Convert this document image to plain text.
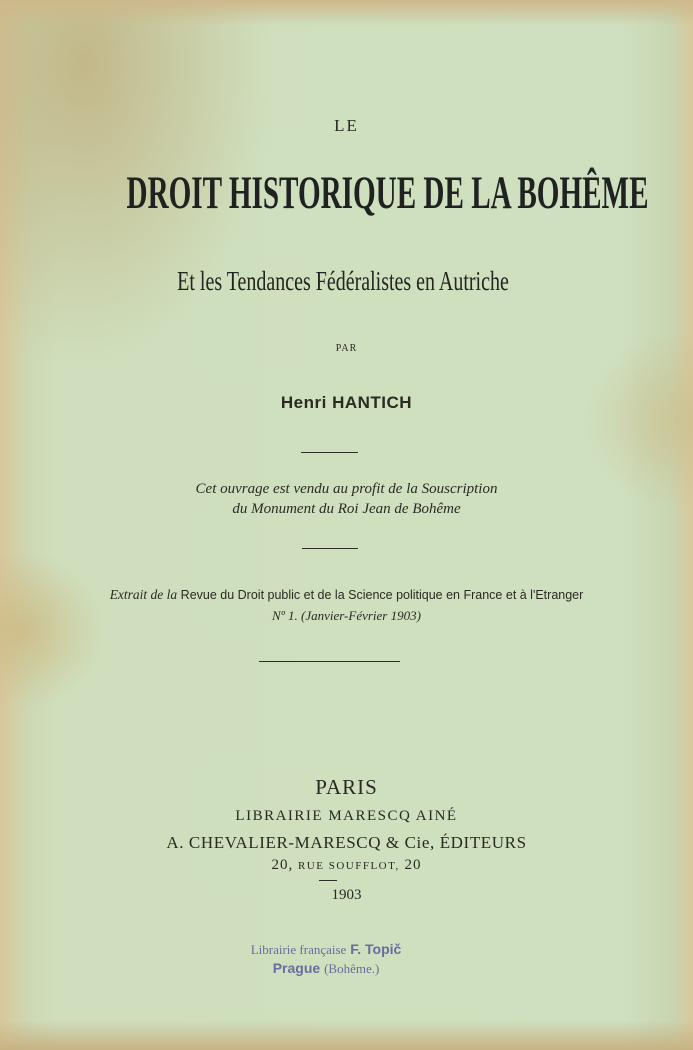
LE
DROIT HISTORIQUE DE LA BOHÊME
Et les Tendances Fédéralistes en Autriche
PAR
Henri HANTICH
Cet ouvrage est vendu au profit de la Souscription
du Monument du Roi Jean de Bohême
Extrait de la Revue du Droit public et de la Science politique en France et à l'Etranger
Nº 1. (Janvier-Février 1903)
PARIS
LIBRAIRIE MARESCQ AINÉ
A. CHEVALIER-MARESCQ & Cie, ÉDITEURS
20, RUE SOUFFLOT, 20
1903
Librairie française F. Topič
Prague (Bohême.)
